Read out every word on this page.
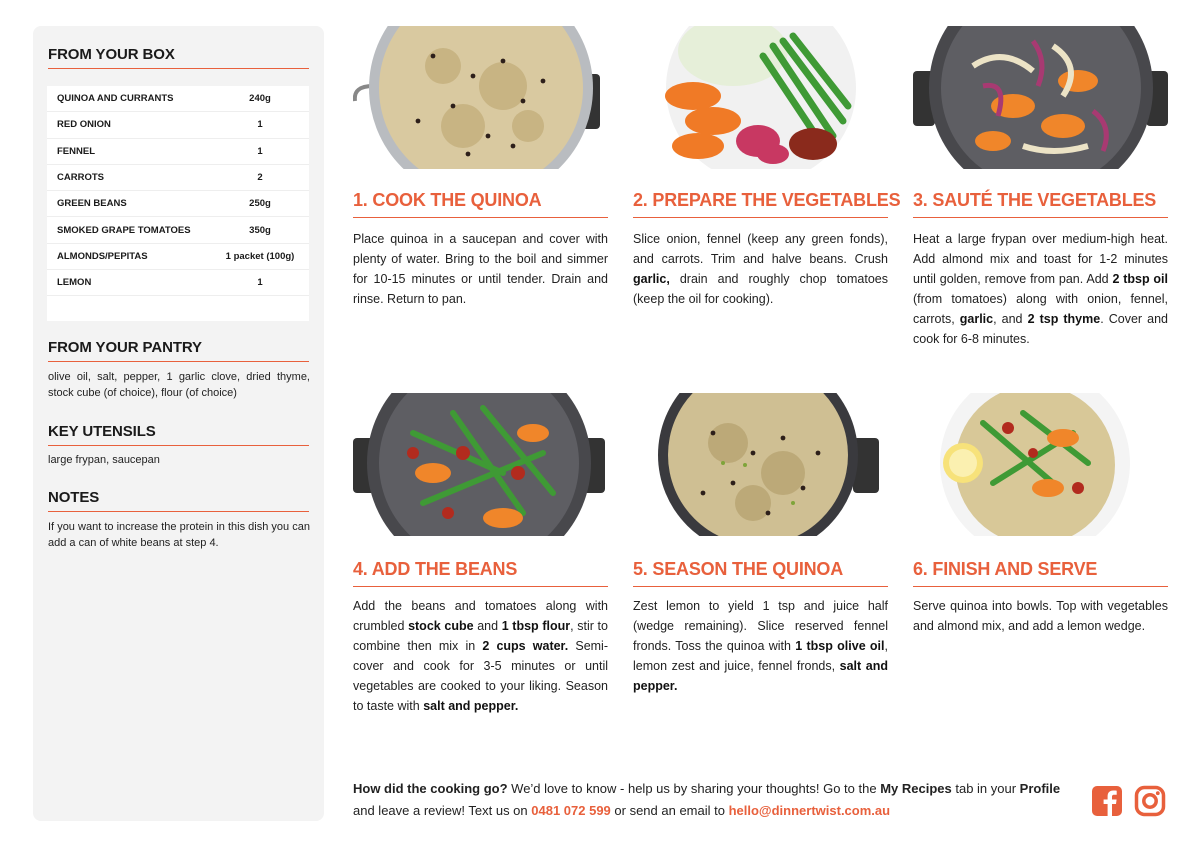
FROM YOUR BOX
QUINOA AND CURRANTS	240g
RED ONION	1
FENNEL	1
CARROTS	2
GREEN BEANS	250g
SMOKED GRAPE TOMATOES	350g
ALMONDS/PEPITAS	1 packet (100g)
LEMON	1
FROM YOUR PANTRY
olive oil, salt, pepper, 1 garlic clove, dried thyme, stock cube (of choice), flour (of choice)
KEY UTENSILS
large frypan, saucepan
NOTES
If you want to increase the protein in this dish you can add a can of white beans at step 4.
1. COOK THE QUINOA
Place quinoa in a saucepan and cover with plenty of water. Bring to the boil and simmer for 10-15 minutes or until tender. Drain and rinse. Return to pan.
2. PREPARE THE VEGETABLES
Slice onion, fennel (keep any green fonds), and carrots. Trim and halve beans. Crush garlic, drain and roughly chop tomatoes (keep the oil for cooking).
3. SAUTÉ THE VEGETABLES
Heat a large frypan over medium-high heat. Add almond mix and toast for 1-2 minutes until golden, remove from pan. Add 2 tbsp oil (from tomatoes) along with onion, fennel, carrots, garlic, and 2 tsp thyme. Cover and cook for 6-8 minutes.
4. ADD THE BEANS
Add the beans and tomatoes along with crumbled stock cube and 1 tbsp flour, stir to combine then mix in 2 cups water. Semi-cover and cook for 3-5 minutes or until vegetables are cooked to your liking. Season to taste with salt and pepper.
5. SEASON THE QUINOA
Zest lemon to yield 1 tsp and juice half (wedge remaining). Slice reserved fennel fronds. Toss the quinoa with 1 tbsp olive oil, lemon zest and juice, fennel fronds, salt and pepper.
6. FINISH AND SERVE
Serve quinoa into bowls. Top with vegetables and almond mix, and add a lemon wedge.
How did the cooking go? We’d love to know - help us by sharing your thoughts! Go to the My Recipes tab in your Profile and leave a review! Text us on 0481 072 599 or send an email to hello@dinnertwist.com.au
